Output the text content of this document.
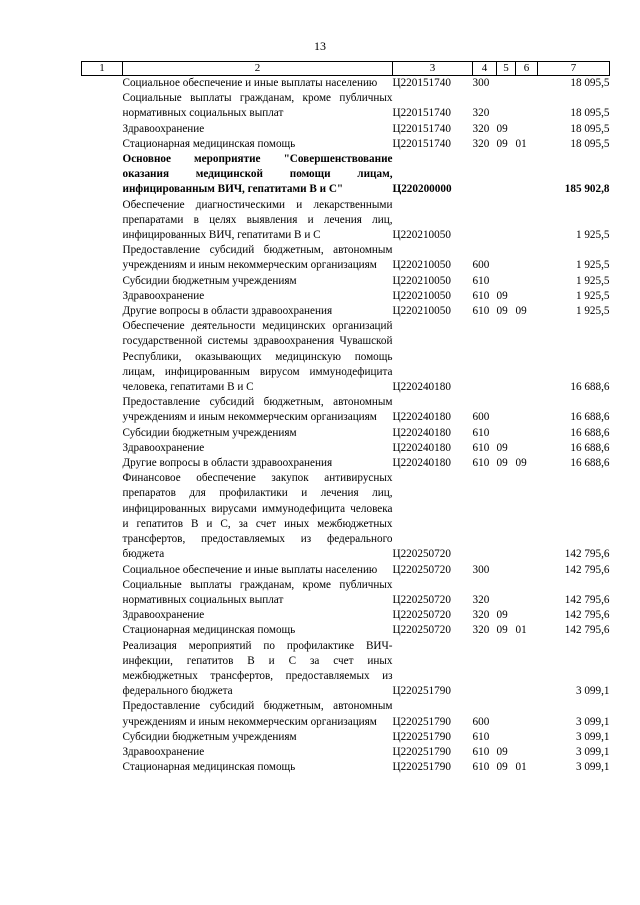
13
1	2	3	4	5	6	7
	Социальное обеспечение и иные выплаты населению	Ц220151740	300			18 095,5
	Социальные выплаты гражданам, кроме публичных нормативных социальных выплат	Ц220151740	320			18 095,5
	Здравоохранение	Ц220151740	320	09		18 095,5
	Стационарная медицинская помощь	Ц220151740	320	09	01	18 095,5
	Основное мероприятие "Совершенствование оказания медицинской помощи лицам, инфицированным ВИЧ, гепатитами В и С"	Ц220200000				185 902,8
	Обеспечение диагностическими и лекарственными препаратами в целях выявления и лечения лиц, инфицированных ВИЧ, гепатитами В и С	Ц220210050				1 925,5
	Предоставление субсидий бюджетным, автономным учреждениям и иным некоммерческим организациям	Ц220210050	600			1 925,5
	Субсидии бюджетным учреждениям	Ц220210050	610			1 925,5
	Здравоохранение	Ц220210050	610	09		1 925,5
	Другие вопросы в области здравоохранения	Ц220210050	610	09	09	1 925,5
	Обеспечение деятельности медицинских организаций государственной системы здравоохранения Чувашской Республики, оказывающих медицинскую помощь лицам, инфицированным вирусом иммунодефицита человека, гепатитами В и С	Ц220240180				16 688,6
	Предоставление субсидий бюджетным, автономным учреждениям и иным некоммерческим организациям	Ц220240180	600			16 688,6
	Субсидии бюджетным учреждениям	Ц220240180	610			16 688,6
	Здравоохранение	Ц220240180	610	09		16 688,6
	Другие вопросы в области здравоохранения	Ц220240180	610	09	09	16 688,6
	Финансовое обеспечение закупок антивирусных препаратов для профилактики и лечения лиц, инфицированных вирусами иммунодефицита человека и гепатитов В и С, за счет иных межбюджетных трансфертов, предоставляемых из федерального бюджета	Ц220250720				142 795,6
	Социальное обеспечение и иные выплаты населению	Ц220250720	300			142 795,6
	Социальные выплаты гражданам, кроме публичных нормативных социальных выплат	Ц220250720	320			142 795,6
	Здравоохранение	Ц220250720	320	09		142 795,6
	Стационарная медицинская помощь	Ц220250720	320	09	01	142 795,6
	Реализация мероприятий по профилактике ВИЧ-инфекции, гепатитов В и С за счет иных межбюджетных трансфертов, предоставляемых из федерального бюджета	Ц220251790				3 099,1
	Предоставление субсидий бюджетным, автономным учреждениям и иным некоммерческим организациям	Ц220251790	600			3 099,1
	Субсидии бюджетным учреждениям	Ц220251790	610			3 099,1
	Здравоохранение	Ц220251790	610	09		3 099,1
	Стационарная медицинская помощь	Ц220251790	610	09	01	3 099,1
